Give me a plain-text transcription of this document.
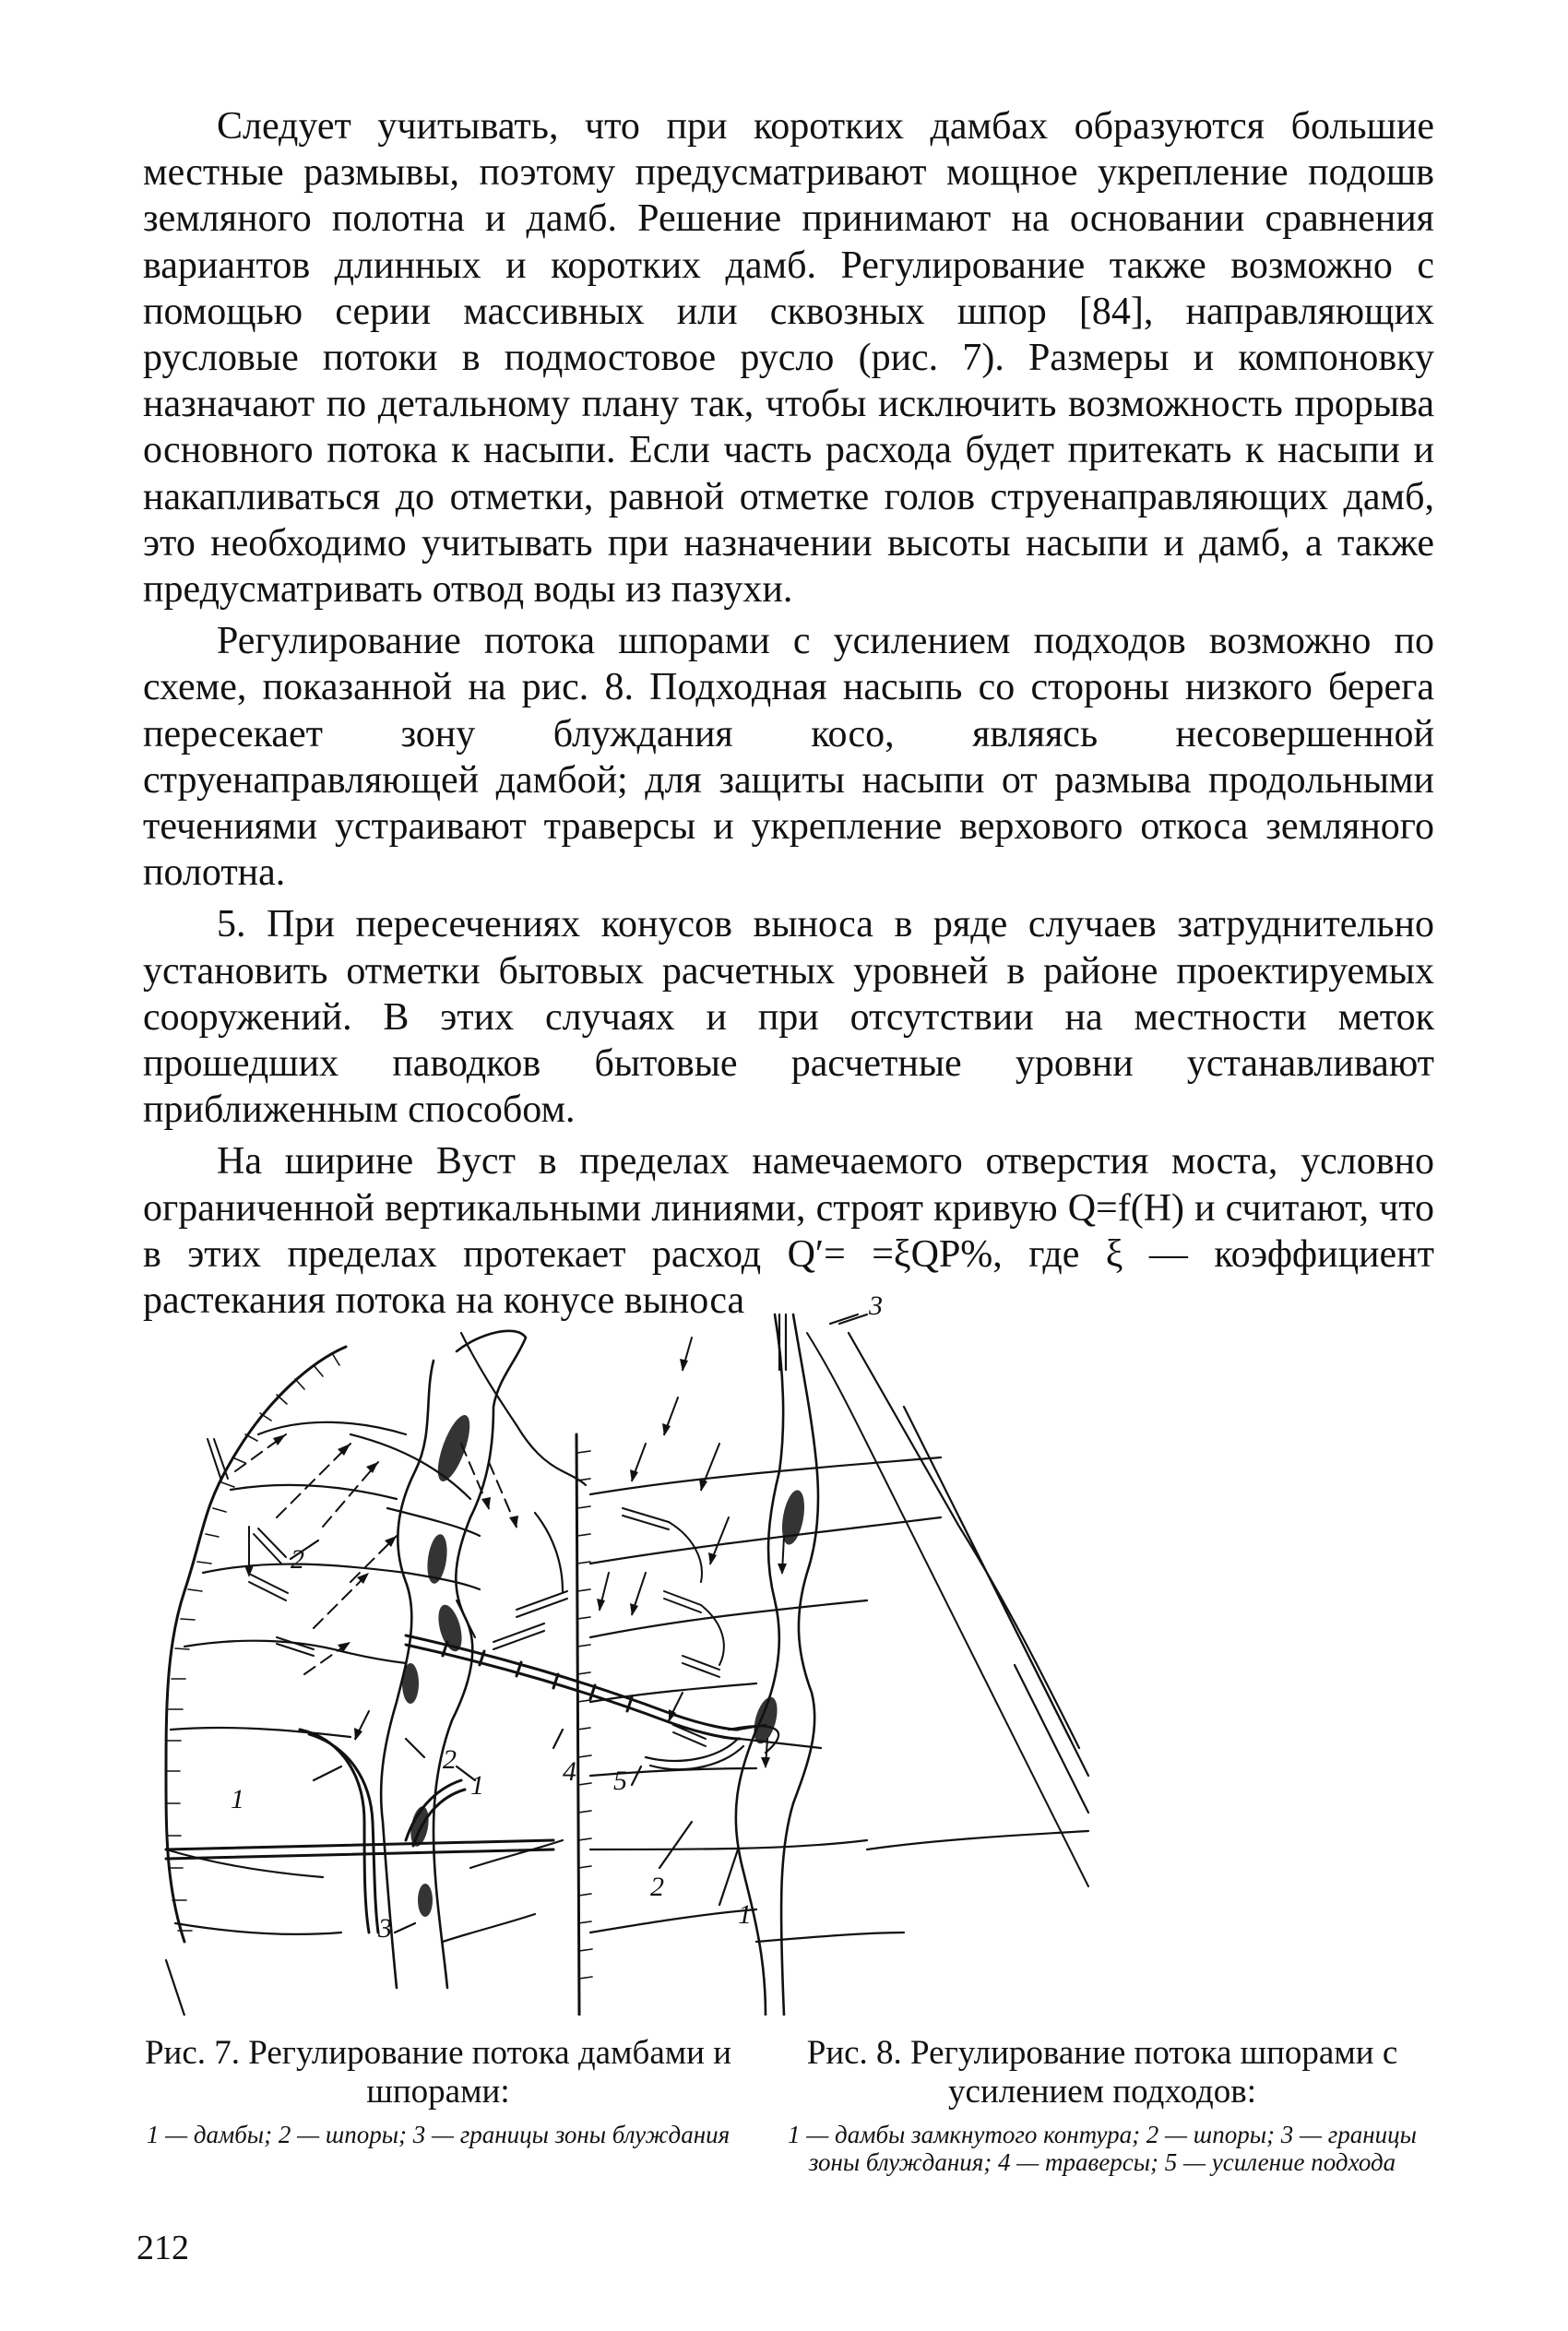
Следует учитывать, что при коротких дамбах образуются большие местные размывы, поэтому предусматривают мощное укрепление подошв земляного полотна и дамб. Решение принимают на основании сравнения вариантов длинных и коротких дамб. Регулирование также возможно с помощью серии массивных или сквозных шпор [84], направляющих русловые потоки в подмостовое русло (рис. 7). Размеры и компоновку назначают по детальному плану так, чтобы исключить возможность прорыва основного потока к насыпи. Если часть расхода будет притекать к насыпи и накапливаться до отметки, равной отметке голов струенаправляющих дамб, это необходимо учитывать при назначении высоты насыпи и дамб, а также предусматривать отвод воды из пазухи.

Регулирование потока шпорами с усилением подходов возможно по схеме, показанной на рис. 8. Подходная насыпь со стороны низкого берега пересекает зону блуждания косо, являясь несовершенной струенаправляющей дамбой; для защиты насыпи от размыва продольными течениями устраивают траверсы и укрепление верхового откоса земляного полотна.

5. При пересечениях конусов выноса в ряде случаев затруднительно установить отметки бытовых расчетных уровней в районе проектируемых сооружений. В этих случаях и при отсутствии на местности меток прошедших паводков бытовые расчетные уровни устанавливают приближенным способом.

На ширине Bуст в пределах намечаемого отверстия моста, условно ограниченной вертикальными линиями, строят кривую Q=f(H) и считают, что в этих пределах протекает расход Q′= =ξQP%, где ξ — коэффициент растекания потока на конусе выноса

1
2
2
1
3
3
4 5
2
1
Рис. 7. Регулирование потока дамбами и шпорами:
1 — дамбы; 2 — шпоры; 3 — границы зоны блуждания
Рис. 8. Регулирование потока шпорами с усилением подходов:
1 — дамбы замкнутого контура; 2 — шпоры; 3 — границы зоны блуждания; 4 — траверсы; 5 — усиление подхода
212
